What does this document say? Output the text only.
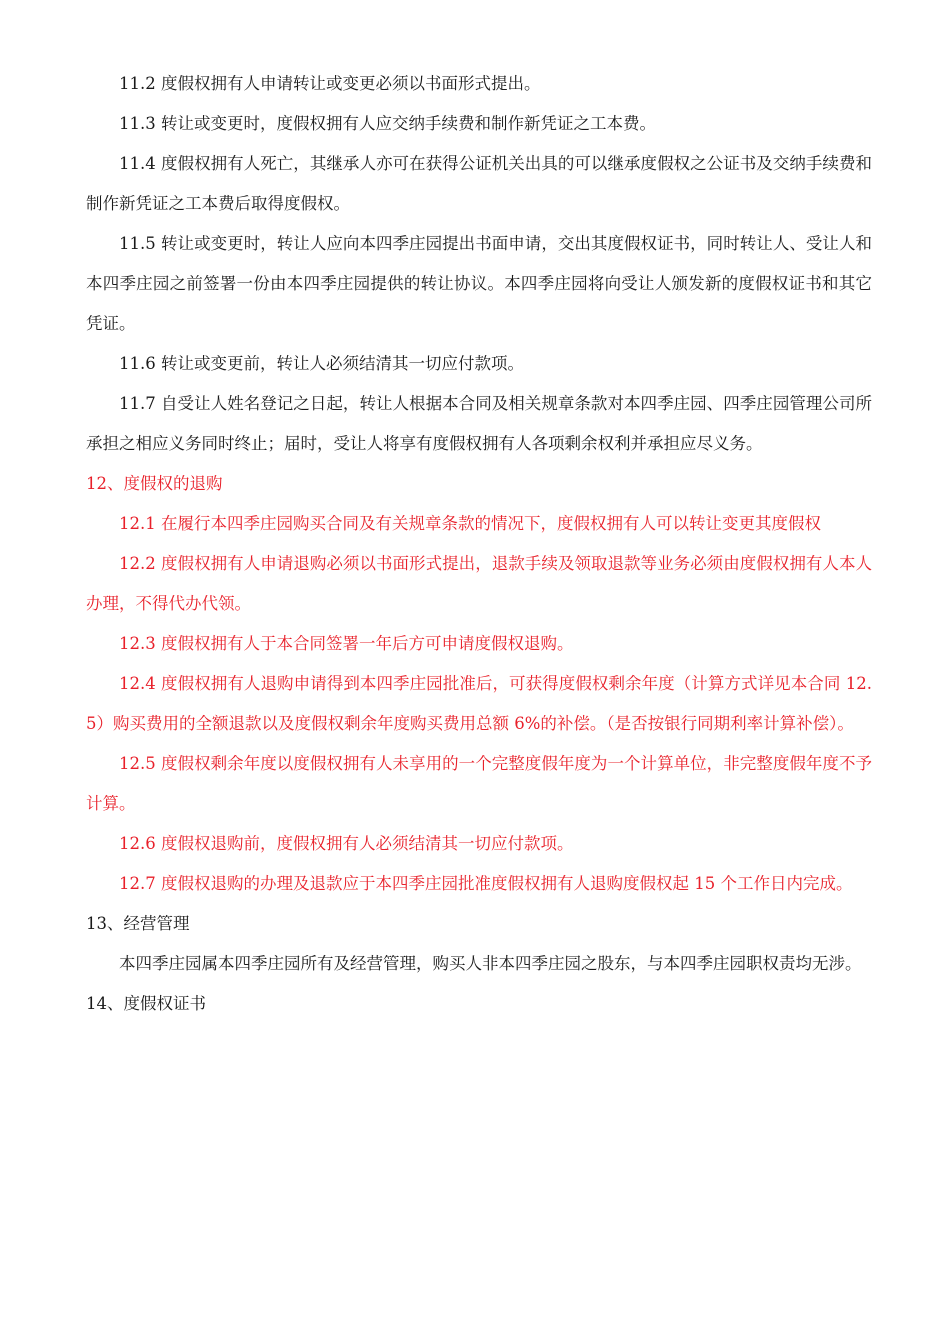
11.2 度假权拥有人申请转让或变更必须以书面形式提出。

11.3 转让或变更时，度假权拥有人应交纳手续费和制作新凭证之工本费。

11.4 度假权拥有人死亡，其继承人亦可在获得公证机关出具的可以继承度假权之公证书及交纳手续费和制作新凭证之工本费后取得度假权。

11.5 转让或变更时，转让人应向本四季庄园提出书面申请，交出其度假权证书，同时转让人、受让人和本四季庄园之前签署一份由本四季庄园提供的转让协议。本四季庄园将向受让人颁发新的度假权证书和其它凭证。

11.6 转让或变更前，转让人必须结清其一切应付款项。

11.7 自受让人姓名登记之日起，转让人根据本合同及相关规章条款对本四季庄园、四季庄园管理公司所承担之相应义务同时终止；届时，受让人将享有度假权拥有人各项剩余权利并承担应尽义务。

12、度假权的退购

12.1 在履行本四季庄园购买合同及有关规章条款的情况下，度假权拥有人可以转让变更其度假权

12.2 度假权拥有人申请退购必须以书面形式提出，退款手续及领取退款等业务必须由度假权拥有人本人办理，不得代办代领。

12.3 度假权拥有人于本合同签署一年后方可申请度假权退购。

12.4 度假权拥有人退购申请得到本四季庄园批准后，可获得度假权剩余年度（计算方式详见本合同 12.5）购买费用的全额退款以及度假权剩余年度购买费用总额 6%的补偿。（是否按银行同期利率计算补偿）。

12.5 度假权剩余年度以度假权拥有人未享用的一个完整度假年度为一个计算单位，非完整度假年度不予计算。

12.6 度假权退购前，度假权拥有人必须结清其一切应付款项。

12.7 度假权退购的办理及退款应于本四季庄园批准度假权拥有人退购度假权起 15 个工作日内完成。

13、经营管理

本四季庄园属本四季庄园所有及经营管理，购买人非本四季庄园之股东，与本四季庄园职权责均无涉。

14、度假权证书
